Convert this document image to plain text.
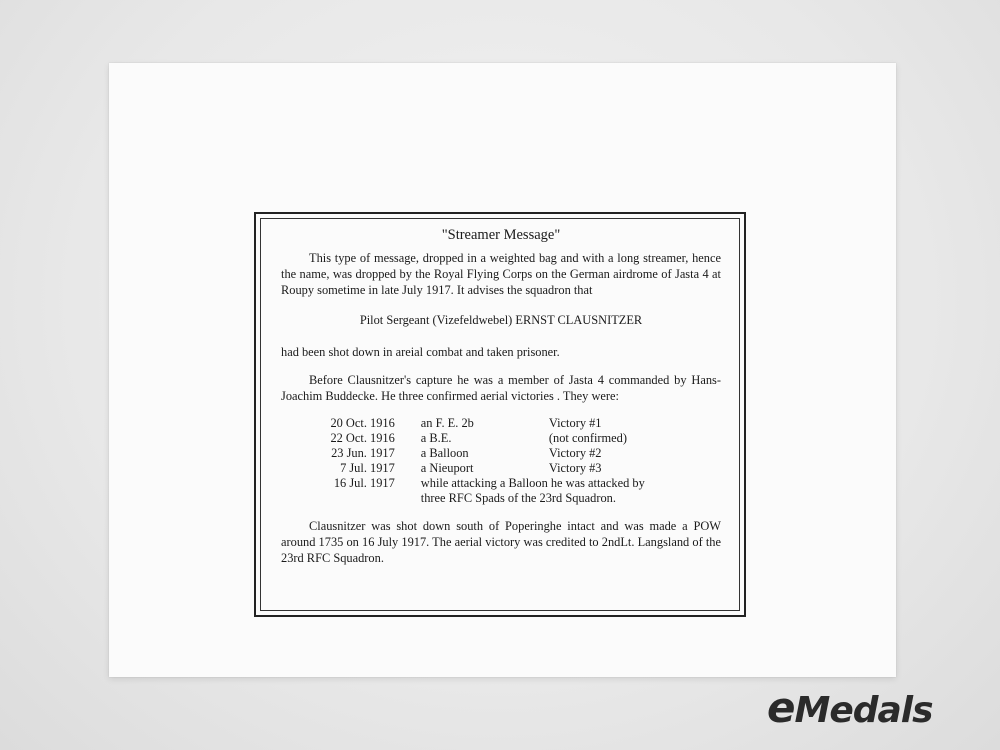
"Streamer Message"

This type of message, dropped in a weighted bag and with a long streamer, hence the name, was dropped by the Royal Flying Corps on the German airdrome of Jasta 4 at Roupy sometime in late July 1917. It advises the squadron that

Pilot Sergeant (Vizefeldwebel) ERNST CLAUSNITZER

had been shot down in areial combat and taken prisoner.

Before Clausnitzer's capture he was a member of Jasta 4 commanded by Hans-Joachim Buddecke. He three confirmed aerial victories . They were:

20 Oct. 1916	an F. E. 2b	Victory #1
22 Oct. 1916	a B.E.	(not confirmed)
23 Jun. 1917	a Balloon	Victory #2
7 Jul. 1917	a Nieuport	Victory #3
16 Jul. 1917	while attacking a Balloon he was attacked by
three RFC Spads of the 23rd Squadron.	

Clausnitzer was shot down south of Poperinghe intact and was made a POW around 1735 on 16 July 1917. The aerial victory was credited to 2ndLt. Langsland of the 23rd RFC Squadron.

eMedals
